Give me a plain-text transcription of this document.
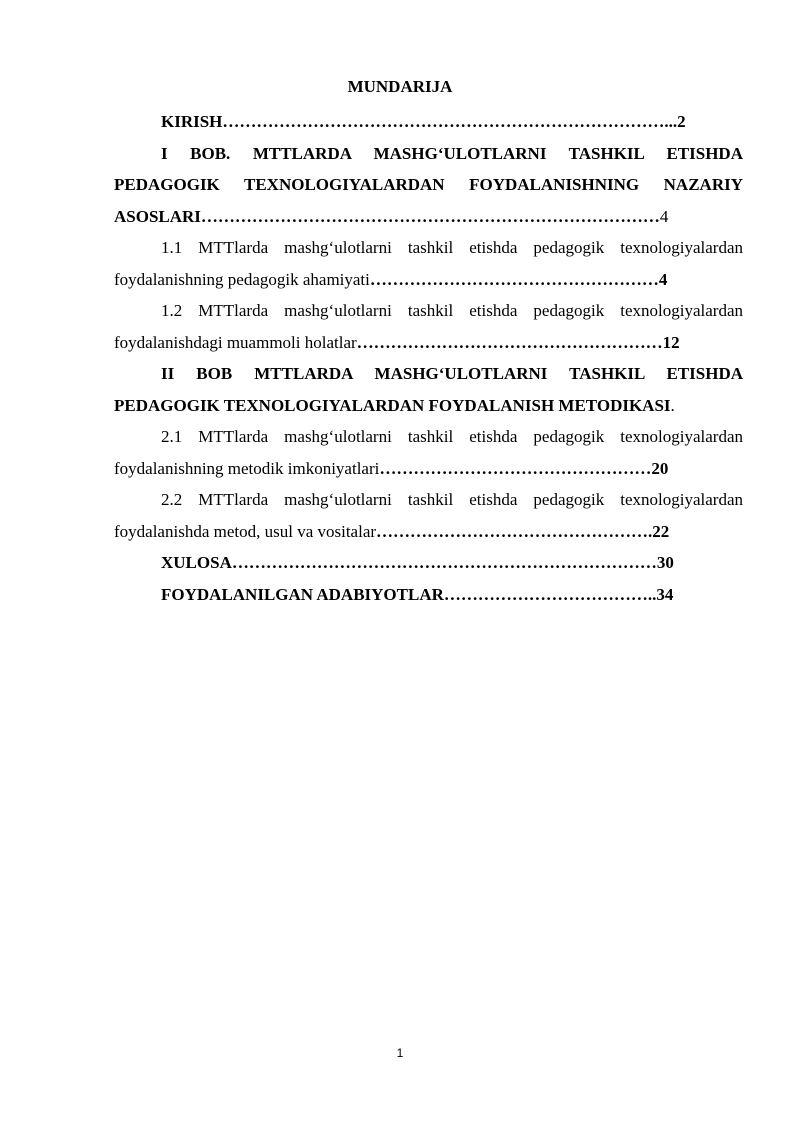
MUNDARIJA

KIRISH……………………………………………………………………...2

I BOB. MTTLARDA MASHG‘ULOTLARNI TASHKIL ETISHDA PEDAGOGIK TEXNOLOGIYALARDAN FOYDALANISHNING NAZARIY ASOSLARI………………………………………………………………………4

1.1 MTTlarda mashg‘ulotlarni tashkil etishda pedagogik texnologiyalardan foydalanishning pedagogik ahamiyati……………………………………………4

1.2 MTTlarda mashg‘ulotlarni tashkil etishda pedagogik texnologiyalardan foydalanishdagi muammoli holatlar………………………………………………12

II BOB MTTLARDA MASHG‘ULOTLARNI TASHKIL ETISHDA PEDAGOGIK TEXNOLOGIYALARDAN FOYDALANISH METODIKASI.

2.1 MTTlarda mashg‘ulotlarni tashkil etishda pedagogik texnologiyalardan foydalanishning metodik imkoniyatlari…………………………………………20

2.2 MTTlarda mashg‘ulotlarni tashkil etishda pedagogik texnologiyalardan foydalanishda metod, usul va vositalar………………………………………….22

XULOSA…………………………………………………………………30

FOYDALANILGAN ADABIYOTLAR………………………………..34

1
